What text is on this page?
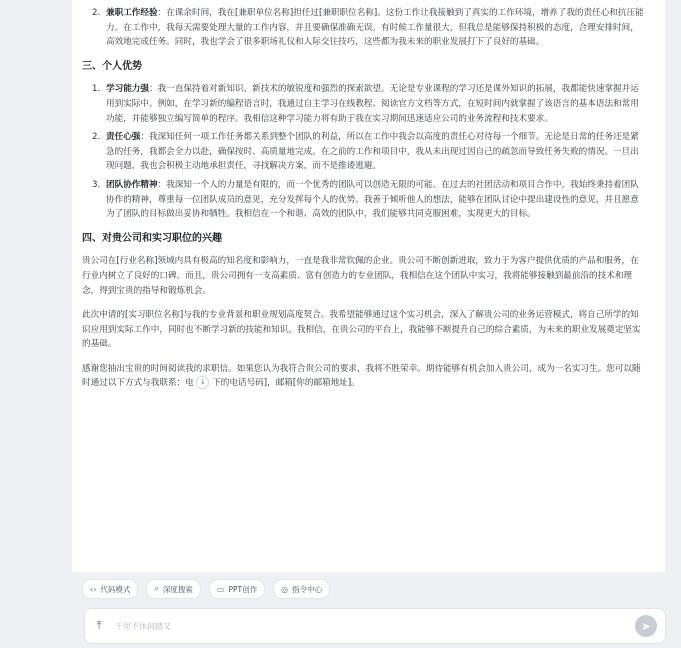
2. 兼职工作经验：在课余时间，我在[兼职单位名称]担任过[兼职职位名称]。这份工作让我接触到了真实的工作环境，增养了我的责任心和抗压能力。在工作中，我每天需要处理大量的工作内容，并且要确保准确无误。有时候工作量很大，但我总是能够保持积极的态度，合理安排时间，高效地完成任务。同时，我也学会了很多职场礼仪和人际交往技巧，这些都为我未来的职业发展打下了良好的基础。
三、个人优势
1. 学习能力强：我一直保持着对新知识、新技术的敏锐度和强烈的探索欲望。无论是专业课程的学习还是课外知识的拓展，我都能快速掌握并运用到实际中。例如，在学习新的编程语言时，我通过自主学习在线教程、阅读官方文档等方式，在短时间内就掌握了该语言的基本语法和常用功能，并能够独立编写简单的程序。我相信这种学习能力将有助于我在实习期间迅速适应公司的业务流程和技术要求。
2. 责任心强：我深知任何一项工作任务都关系到整个团队的利益，所以在工作中我会以高度的责任心对待每一个细节。无论是日常的任务还是紧急的任务，我都会全力以赴，确保按时、高质量地完成。在之前的工作和项目中，我从未出现过因自己的疏忽而导致任务失败的情况。一旦出现问题，我也会积极主动地承担责任，寻找解决方案，而不是推诿逃避。
3. 团队协作精神：我深知一个人的力量是有限的，而一个优秀的团队可以创造无限的可能。在过去的社团活动和项目合作中，我始终秉持着团队协作的精神，尊重每一位团队成员的意见，充分发挥每个人的优势。我善于倾听他人的想法，能够在团队讨论中提出建设性的意见，并且愿意为了团队的目标做出妥协和牺牲。我相信在一个和谐、高效的团队中，我们能够共同克服困难，实现更大的目标。
四、对贵公司和实习职位的兴趣
贵公司在[行业名称]领域内具有极高的知名度和影响力，一直是我非常钦佩的企业。贵公司不断创新进取，致力于为客户提供优质的产品和服务，在行业内树立了良好的口碑。而且，贵公司拥有一支高素质、富有创造力的专业团队，我相信在这个团队中实习，我将能够接触到最前沿的技术和理念，得到宝贵的指导和锻炼机会。
此次申请的[实习职位名称]与我的专业背景和职业规划高度契合。我希望能够通过这个实习机会，深入了解贵公司的业务运营模式，将自己所学的知识应用到实际工作中，同时也不断学习新的技能和知识。我相信，在贵公司的平台上，我能够不断提升自己的综合素质，为未来的职业发展奠定坚实的基础。
感谢您抽出宝贵的时间阅读我的求职信。如果您认为我符合贵公司的要求，我将不胜荣幸。期待能够有机会加入贵公司，成为一名实习生。您可以随时通过以下方式与我联系：电 ↓ 下的电话号码]，邮箱[你的邮箱地址]。
‹› 代码模式	⌕ 深度搜索	▭ PPT创作	◎ 指令中心
⤒
千里不休何踏又	➤
